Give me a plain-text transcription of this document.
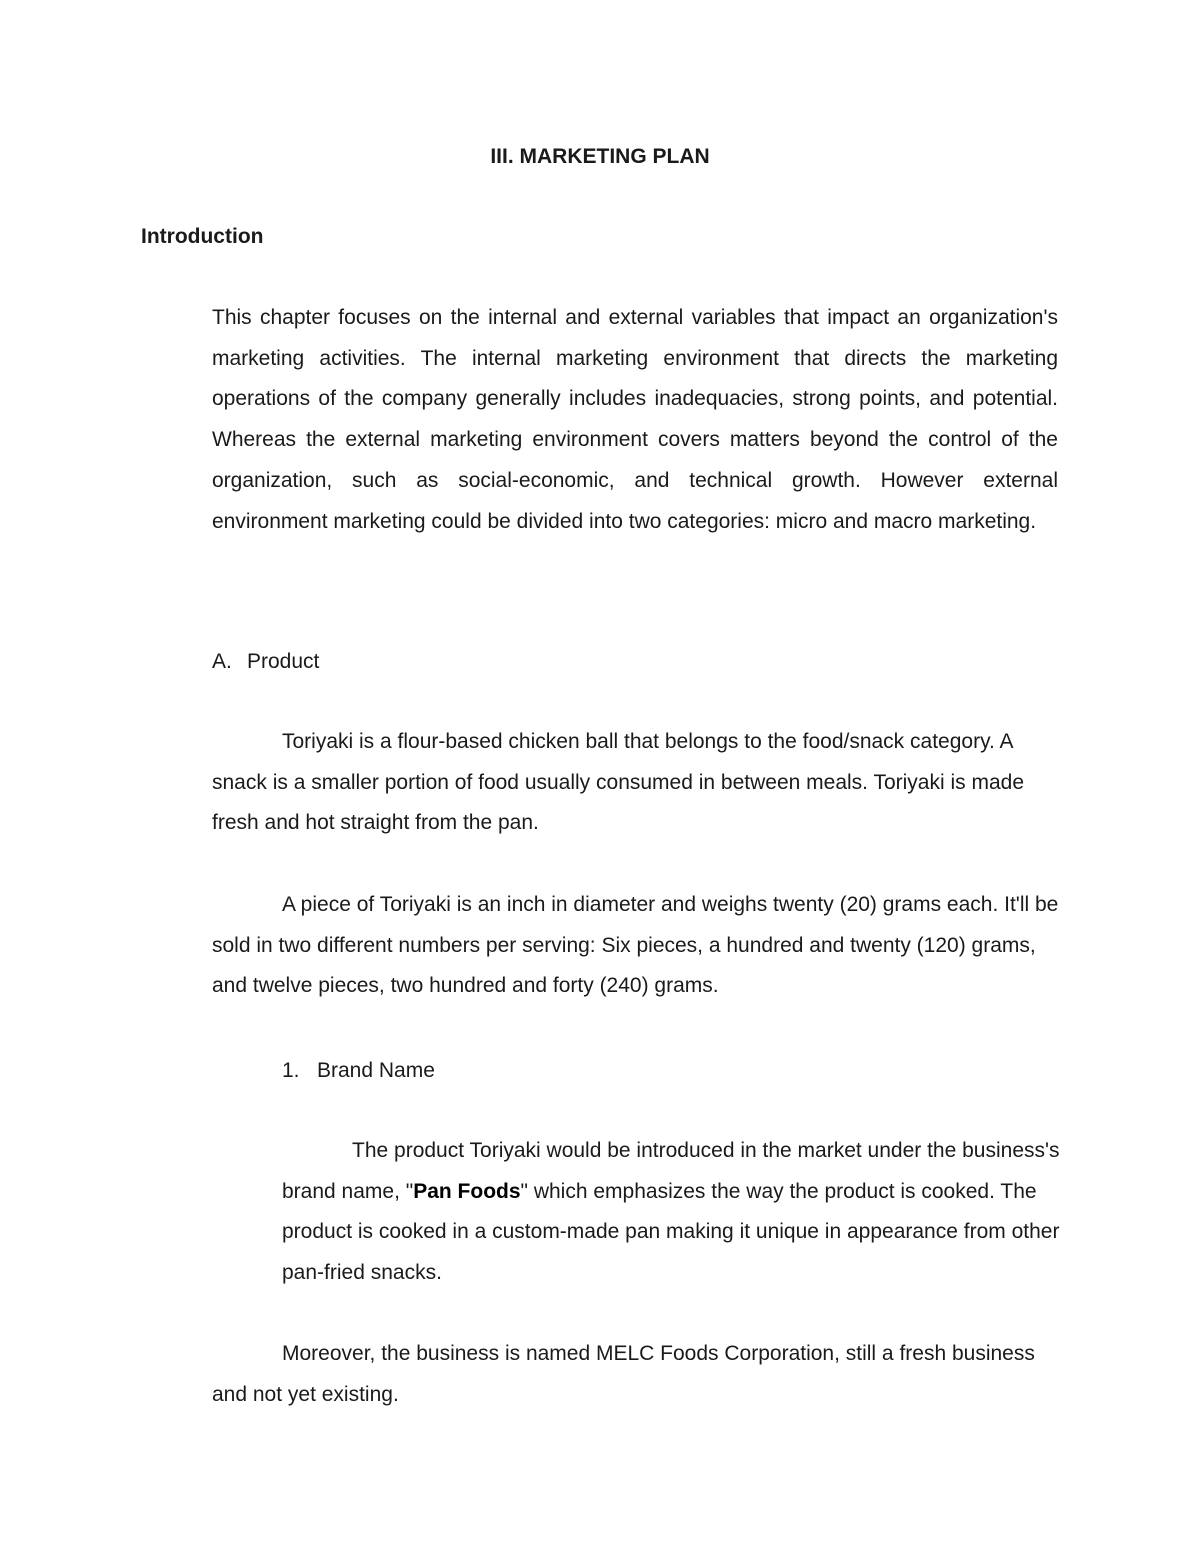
III. MARKETING PLAN
Introduction

This chapter focuses on the internal and external variables that impact an organization's marketing activities. The internal marketing environment that directs the marketing operations of the company generally includes inadequacies, strong points, and potential. Whereas the external marketing environment covers matters beyond the control of the organization, such as social-economic, and technical growth. However external environment marketing could be divided into two categories: micro and macro marketing.

A. Product

Toriyaki is a flour-based chicken ball that belongs to the food/snack category. A snack is a smaller portion of food usually consumed in between meals. Toriyaki is made fresh and hot straight from the pan.

A piece of Toriyaki is an inch in diameter and weighs twenty (20) grams each. It'll be sold in two different numbers per serving: Six pieces, a hundred and twenty (120) grams, and twelve pieces, two hundred and forty (240) grams.

1. Brand Name

The product Toriyaki would be introduced in the market under the business's brand name, "Pan Foods" which emphasizes the way the product is cooked. The product is cooked in a custom-made pan making it unique in appearance from other pan-fried snacks.

Moreover, the business is named MELC Foods Corporation, still a fresh business and not yet existing.
